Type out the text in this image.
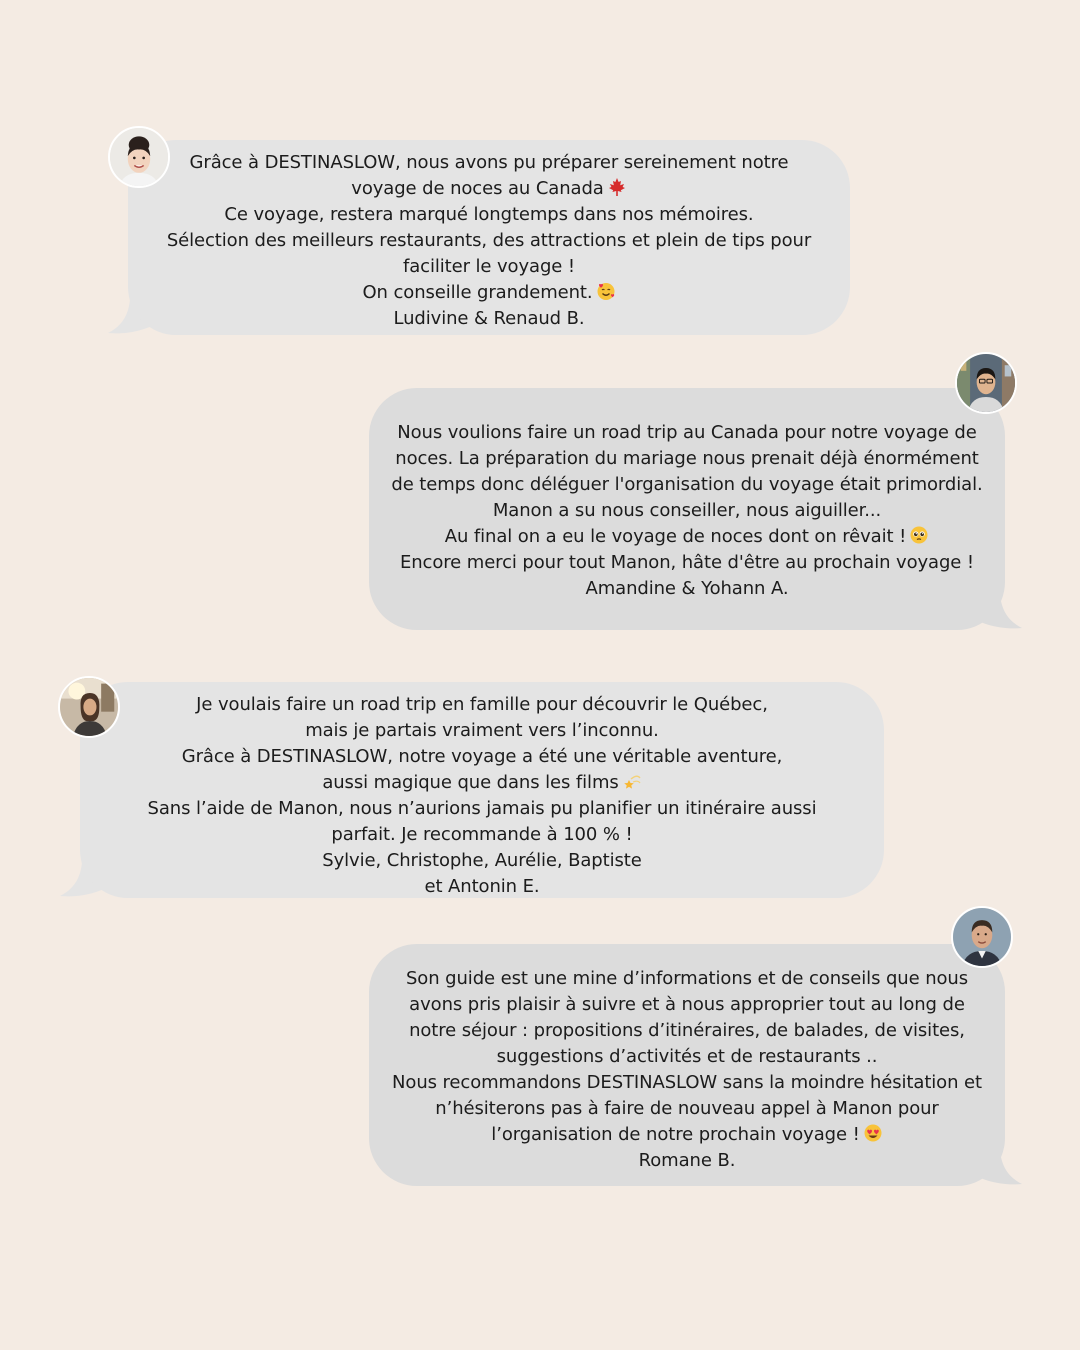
Grâce à DESTINASLOW, nous avons pu préparer sereinement notre
voyage de noces au Canada
Ce voyage, restera marqué longtemps dans nos mémoires.
Sélection des meilleurs restaurants, des attractions et plein de tips pour
faciliter le voyage !
On conseille grandement.
Ludivine & Renaud B.
Nous voulions faire un road trip au Canada pour notre voyage de
noces. La préparation du mariage nous prenait déjà énormément
de temps donc déléguer l'organisation du voyage était primordial.
Manon a su nous conseiller, nous aiguiller...
Au final on a eu le voyage de noces dont on rêvait !
Encore merci pour tout Manon, hâte d'être au prochain voyage !
Amandine & Yohann A.
Je voulais faire un road trip en famille pour découvrir le Québec,
mais je partais vraiment vers l’inconnu.
Grâce à DESTINASLOW, notre voyage a été une véritable aventure,
aussi magique que dans les films
Sans l’aide de Manon, nous n’aurions jamais pu planifier un itinéraire aussi
parfait. Je recommande à 100 % !
Sylvie, Christophe, Aurélie, Baptiste
et Antonin E.
Son guide est une mine d’informations et de conseils que nous
avons pris plaisir à suivre et à nous approprier tout au long de
notre séjour : propositions d’itinéraires, de balades, de visites,
suggestions d’activités et de restaurants ..
Nous recommandons DESTINASLOW sans la moindre hésitation et
n’hésiterons pas à faire de nouveau appel à Manon pour
l’organisation de notre prochain voyage !
Romane B.
